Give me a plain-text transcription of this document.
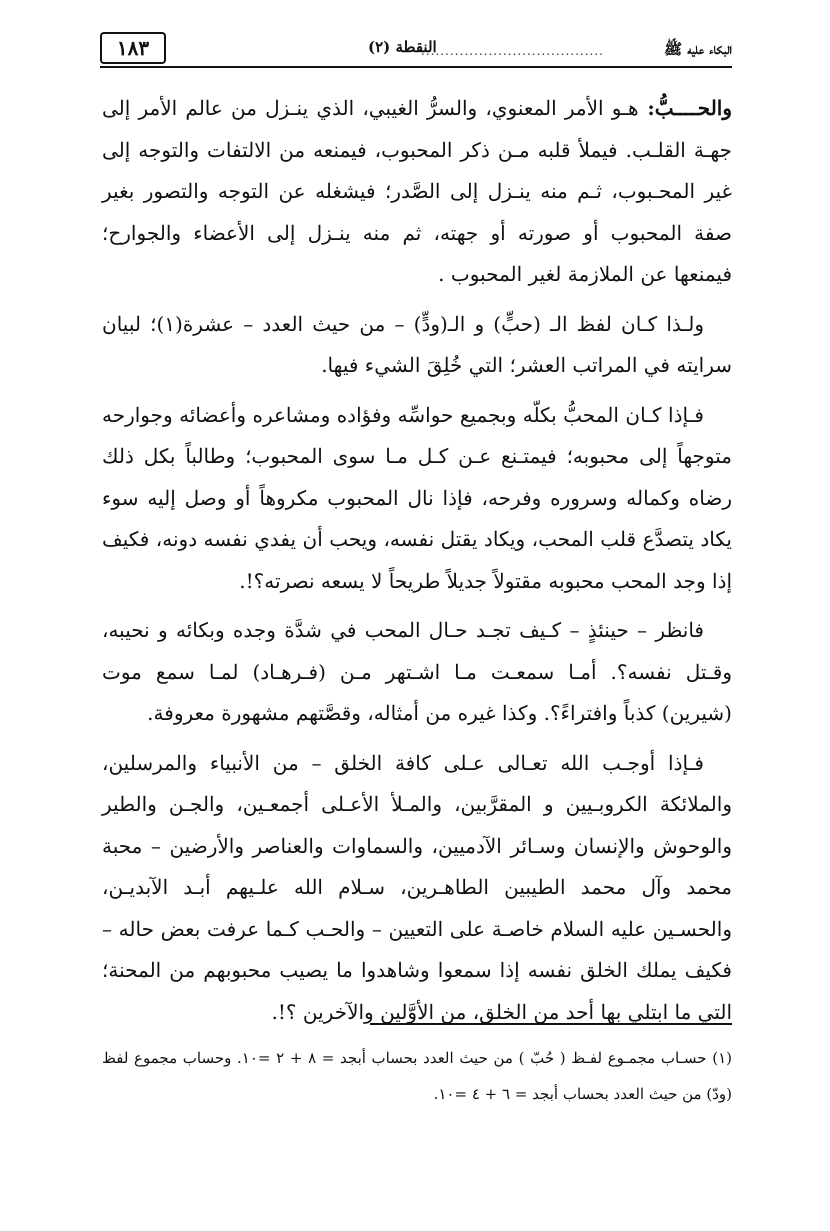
البكاء عليه ﷺ
......................................
النقطة (٢)
١٨٣

والحــــبُّ: هـو الأمر المعنوي، والسرُّ الغيبي، الذي ينـزل من عالم الأمر إلى جهـة القلـب. فيملأ قلبه مـن ذكر المحبوب، فيمنعه من الالتفات والتوجه إلى غير المحـبوب، ثـم منه ينـزل إلى الصَّدر؛ فيشغله عن التوجه والتصور بغير صفة المحبوب أو صورته أو جهته، ثم منه ينـزل إلى الأعضاء والجوارح؛ فيمنعها عن الملازمة لغير المحبوب .

ولـذا كـان لفظ الـ (حبٍّ) و الـ(ودٍّ) – من حيث العدد – عشرة(١)؛ لبيان سرايته في المراتب العشر؛ التي خُلِقَ الشيء فيها.

فـإذا كـان المحبُّ بكلّه وبجميع حواسِّه وفؤاده ومشاعره وأعضائه وجوارحه متوجهاً إلى محبوبه؛ فيمتـنع عـن كـل مـا سوى المحبوب؛ وطالباً بكل ذلك رضاه وكماله وسروره وفرحه، فإذا نال المحبوب مكروهاً أو وصل إليه سوء يكاد يتصدَّع قلب المحب، ويكاد يقتل نفسه، ويحب أن يفدي نفسه دونه، فكيف إذا وجد المحب محبوبه مقتولاً جديلاً طريحاً لا يسعه نصرته؟!.

فانظر – حينئذٍ – كـيف تجـد حـال المحب في شدَّة وجده وبكائه و نحيبه، وقـتل نفسه؟. أمـا سمعـت مـا اشـتهر مـن (فـرهـاد) لمـا سمع موت (شيرين) كذباً وافتراءً؟. وكذا غيره من أمثاله، وقصَّتهم مشهورة معروفة.

فـإذا أوجـب الله تعـالى عـلى كافة الخلق – من الأنبياء والمرسلين، والملائكة الكروبـيين و المقرَّبين، والمـلأ الأعـلى أجمعـين، والجـن والطير والوحوش والإنسان وسـائر الآدميين، والسماوات والعناصر والأرضين – محبة محمد وآل محمد الطيبين الطاهـرين، سـلام الله علـيهم أبـد الآبديـن، والحسـين عليه السلام خاصـة على التعيين – والحـب كـما عرفت بعض حاله – فكيف يملك الخلق نفسه إذا سمعوا وشاهدوا ما يصيب محبوبهم من المحنة؛ التي ما ابتلي بها أحد من الخلق، من الأوَّلين والآخرين ؟!.

(١) حسـاب مجمـوع لفـظ ( حُبّ ) من حيث العدد بحساب أبجد = ٨ + ٢ =١٠. وحساب مجموع لفظ (ودّ) من حيث العدد بحساب أبجد = ٦ + ٤ =١٠.
